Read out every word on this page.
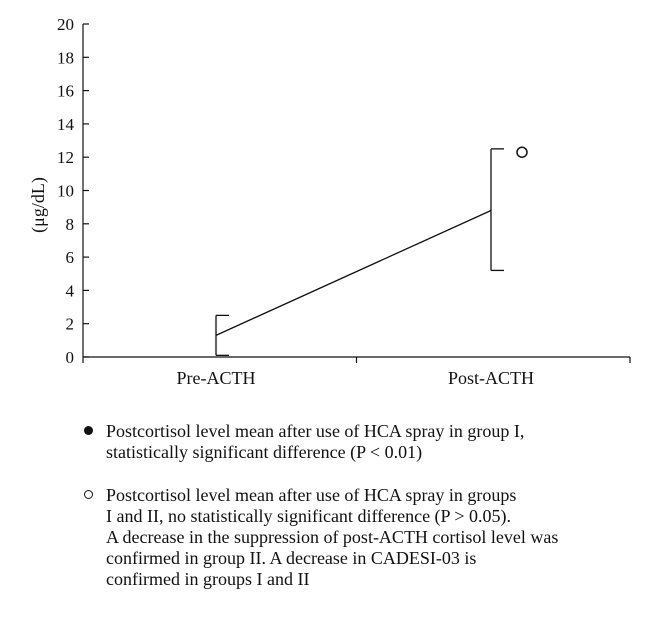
0
2
4
6
8
10
12
14
16
18
20
Pre-ACTH	Post-ACTH
(μg/dL)
Postcortisol level mean after use of HCA spray in group I,
statistically significant difference (P < 0.01)
Postcortisol level mean after use of HCA spray in groups
I and II, no statistically significant difference (P > 0.05).
A decrease in the suppression of post-ACTH cortisol level was
confirmed in group II. A decrease in CADESI-03 is
confirmed in groups I and II
